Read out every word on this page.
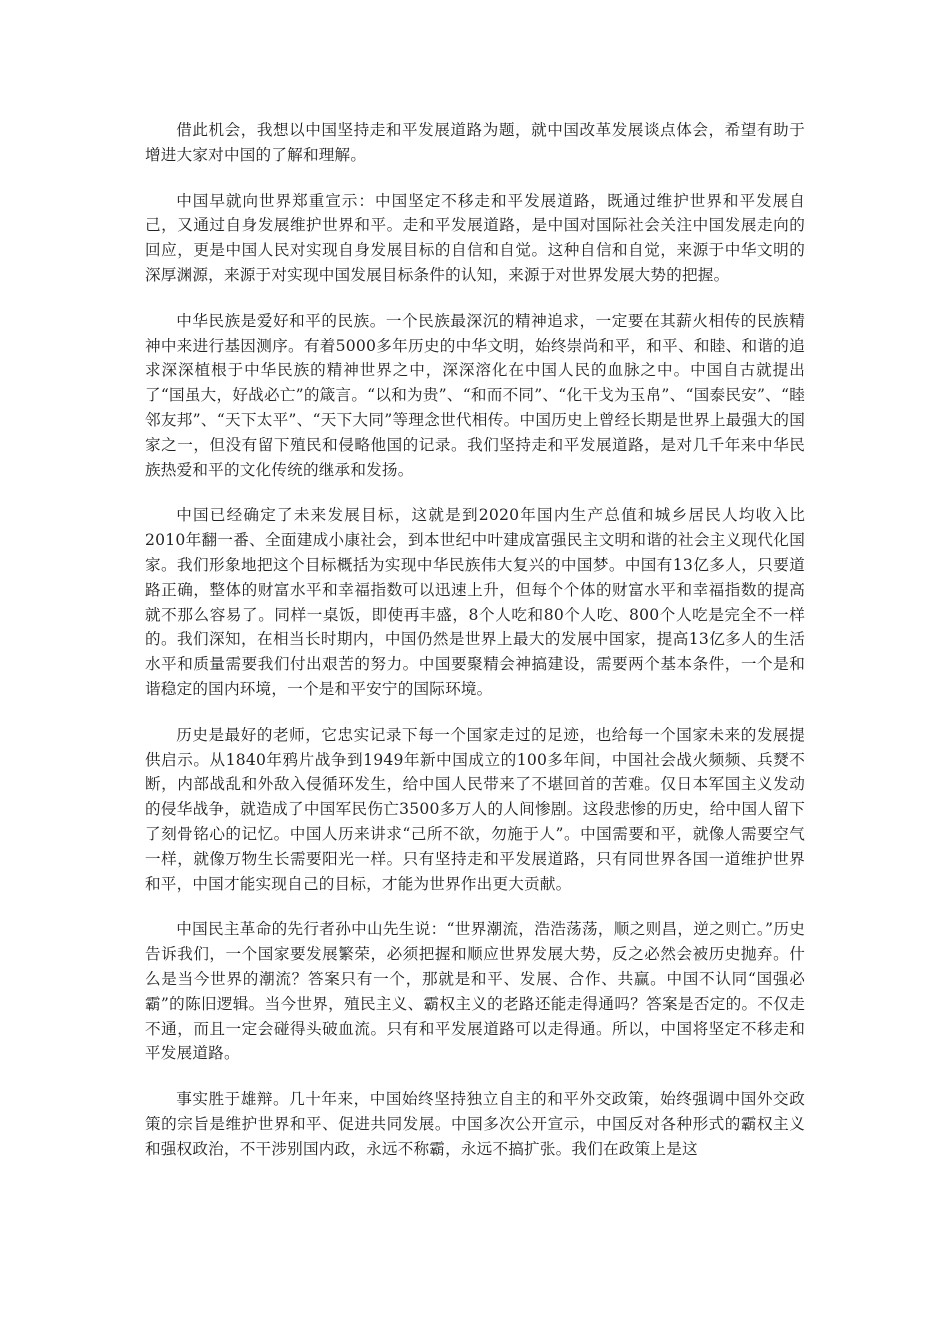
借此机会，我想以中国坚持走和平发展道路为题，就中国改革发展谈点体会，希望有助于增进大家对中国的了解和理解。

中国早就向世界郑重宣示：中国坚定不移走和平发展道路，既通过维护世界和平发展自己，又通过自身发展维护世界和平。走和平发展道路，是中国对国际社会关注中国发展走向的回应，更是中国人民对实现自身发展目标的自信和自觉。这种自信和自觉，来源于中华文明的深厚渊源，来源于对实现中国发展目标条件的认知，来源于对世界发展大势的把握。

中华民族是爱好和平的民族。一个民族最深沉的精神追求，一定要在其薪火相传的民族精神中来进行基因测序。有着5000多年历史的中华文明，始终崇尚和平，和平、和睦、和谐的追求深深植根于中华民族的精神世界之中，深深溶化在中国人民的血脉之中。中国自古就提出了“国虽大，好战必亡”的箴言。“以和为贵”、“和而不同”、“化干戈为玉帛”、“国泰民安”、“睦邻友邦”、“天下太平”、“天下大同”等理念世代相传。中国历史上曾经长期是世界上最强大的国家之一，但没有留下殖民和侵略他国的记录。我们坚持走和平发展道路，是对几千年来中华民族热爱和平的文化传统的继承和发扬。

中国已经确定了未来发展目标，这就是到2020年国内生产总值和城乡居民人均收入比2010年翻一番、全面建成小康社会，到本世纪中叶建成富强民主文明和谐的社会主义现代化国家。我们形象地把这个目标概括为实现中华民族伟大复兴的中国梦。中国有13亿多人，只要道路正确，整体的财富水平和幸福指数可以迅速上升，但每个个体的财富水平和幸福指数的提高就不那么容易了。同样一桌饭，即使再丰盛，8个人吃和80个人吃、800个人吃是完全不一样的。我们深知，在相当长时期内，中国仍然是世界上最大的发展中国家，提高13亿多人的生活水平和质量需要我们付出艰苦的努力。中国要聚精会神搞建设，需要两个基本条件，一个是和谐稳定的国内环境，一个是和平安宁的国际环境。

历史是最好的老师，它忠实记录下每一个国家走过的足迹，也给每一个国家未来的发展提供启示。从1840年鸦片战争到1949年新中国成立的100多年间，中国社会战火频频、兵燹不断，内部战乱和外敌入侵循环发生，给中国人民带来了不堪回首的苦难。仅日本军国主义发动的侵华战争，就造成了中国军民伤亡3500多万人的人间惨剧。这段悲惨的历史，给中国人留下了刻骨铭心的记忆。中国人历来讲求“己所不欲，勿施于人”。中国需要和平，就像人需要空气一样，就像万物生长需要阳光一样。只有坚持走和平发展道路，只有同世界各国一道维护世界和平，中国才能实现自己的目标，才能为世界作出更大贡献。

中国民主革命的先行者孙中山先生说：“世界潮流，浩浩荡荡，顺之则昌，逆之则亡。”历史告诉我们，一个国家要发展繁荣，必须把握和顺应世界发展大势，反之必然会被历史抛弃。什么是当今世界的潮流？答案只有一个，那就是和平、发展、合作、共赢。中国不认同“国强必霸”的陈旧逻辑。当今世界，殖民主义、霸权主义的老路还能走得通吗？答案是否定的。不仅走不通，而且一定会碰得头破血流。只有和平发展道路可以走得通。所以，中国将坚定不移走和平发展道路。

事实胜于雄辩。几十年来，中国始终坚持独立自主的和平外交政策，始终强调中国外交政策的宗旨是维护世界和平、促进共同发展。中国多次公开宣示，中国反对各种形式的霸权主义和强权政治，不干涉别国内政，永远不称霸，永远不搞扩张。我们在政策上是这
